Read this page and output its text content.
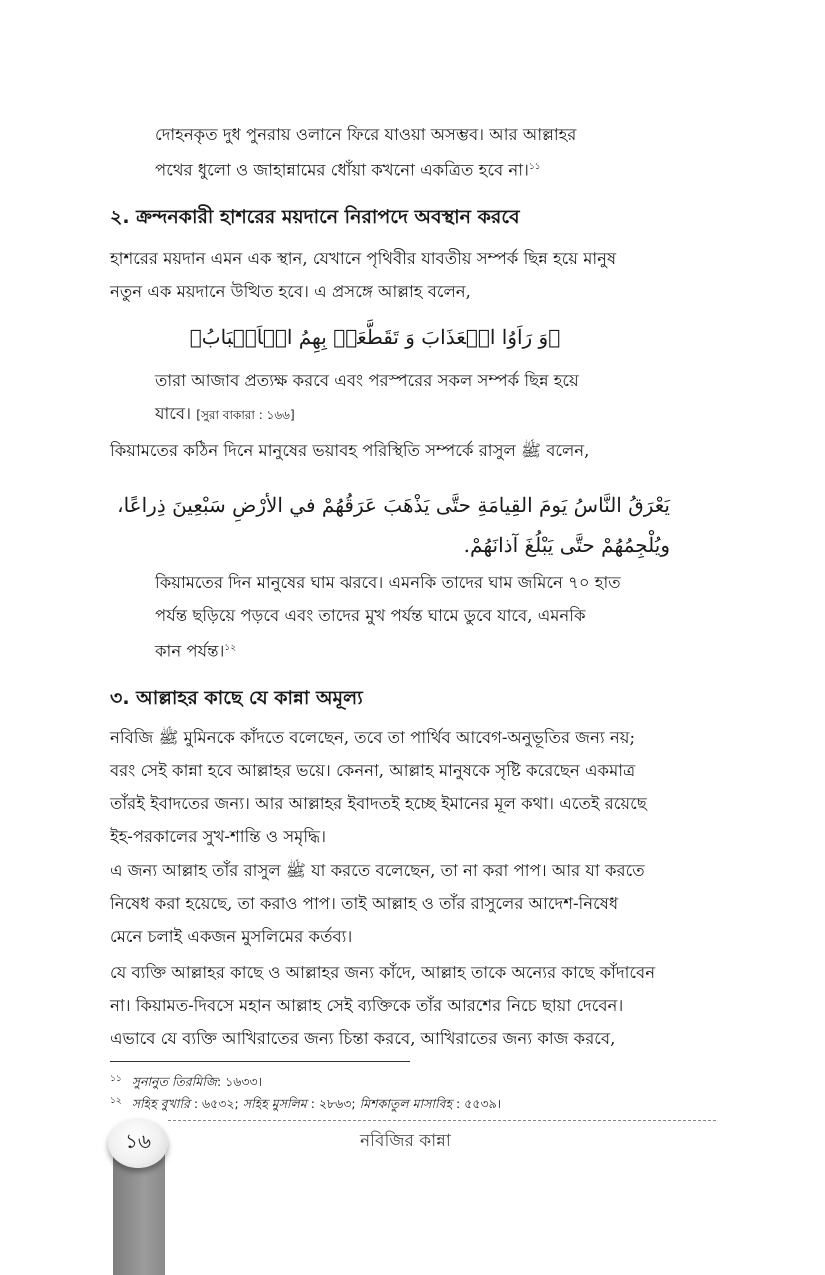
দোহনকৃত দুধ পুনরায় ওলানে ফিরে যাওয়া অসম্ভব। আর আল্লাহর
পথের ধুলো ও জাহান্নামের ধোঁয়া কখনো একত্রিত হবে না।$^{১১}$
২. ক্রন্দনকারী হাশরের ময়দানে নিরাপদে অবস্থান করবে
হাশরের ময়দান এমন এক স্থান, যেখানে পৃথিবীর যাবতীয় সম্পর্ক ছিন্ন হয়ে মানুষ
নতুন এক ময়দানে উত্থিত হবে। এ প্রসঙ্গে আল্লাহ বলেন,
﴿وَ رَاَوُا الۡعَذَابَ وَ تَقَطَّعَتۡ بِهِمُ الۡاَسۡبَابُ﴾
তারা আজাব প্রত্যক্ষ করবে এবং পরস্পরের সকল সম্পর্ক ছিন্ন হয়ে
যাবে। [সুরা বাকারা : ১৬৬]
কিয়ামতের কঠিন দিনে মানুষের ভয়াবহ পরিস্থিতি সম্পর্কে রাসুল ﷺ বলেন,
يَعْرَقُ النَّاسُ يَومَ القِيامَةِ حتَّى يَذْهَبَ عَرَقُهُمْ في الأرْضِ سَبْعِينَ ذِراعًا،
ويُلْجِمُهُمْ حتَّى يَبْلُغَ آذانَهُمْ.
কিয়ামতের দিন মানুষের ঘাম ঝরবে। এমনকি তাদের ঘাম জমিনে ৭০ হাত
পর্যন্ত ছড়িয়ে পড়বে এবং তাদের মুখ পর্যন্ত ঘামে ডুবে যাবে, এমনকি
কান পর্যন্ত।$^{১২}$
৩. আল্লাহর কাছে যে কান্না অমূল্য
নবিজি ﷺ মুমিনকে কাঁদতে বলেছেন, তবে তা পার্থিব আবেগ-অনুভূতির জন্য নয়;
বরং সেই কান্না হবে আল্লাহর ভয়ে। কেননা, আল্লাহ মানুষকে সৃষ্টি করেছেন একমাত্র
তাঁরই ইবাদতের জন্য। আর আল্লাহর ইবাদতই হচ্ছে ইমানের মূল কথা। এতেই রয়েছে
ইহ-পরকালের সুখ-শান্তি ও সমৃদ্ধি।
এ জন্য আল্লাহ তাঁর রাসুল ﷺ যা করতে বলেছেন, তা না করা পাপ। আর যা করতে
নিষেধ করা হয়েছে, তা করাও পাপ। তাই আল্লাহ ও তাঁর রাসুলের আদেশ-নিষেধ
মেনে চলাই একজন মুসলিমের কর্তব্য।
যে ব্যক্তি আল্লাহর কাছে ও আল্লাহর জন্য কাঁদে, আল্লাহ তাকে অন্যের কাছে কাঁদাবেন
না। কিয়ামত-দিবসে মহান আল্লাহ সেই ব্যক্তিকে তাঁর আরশের নিচে ছায়া দেবেন।
এভাবে যে ব্যক্তি আখিরাতের জন্য চিন্তা করবে, আখিরাতের জন্য কাজ করবে,
$^{১১}$ সুনানুত তিরমিজি: ১৬৩৩।
$^{১২}$ সহিহ বুখারি : ৬৫৩২; সহিহ মুসলিম : ২৮৬৩; মিশকাতুল মাসাবিহ : ৫৫৩৯।
১৬	নবিজির কান্না
